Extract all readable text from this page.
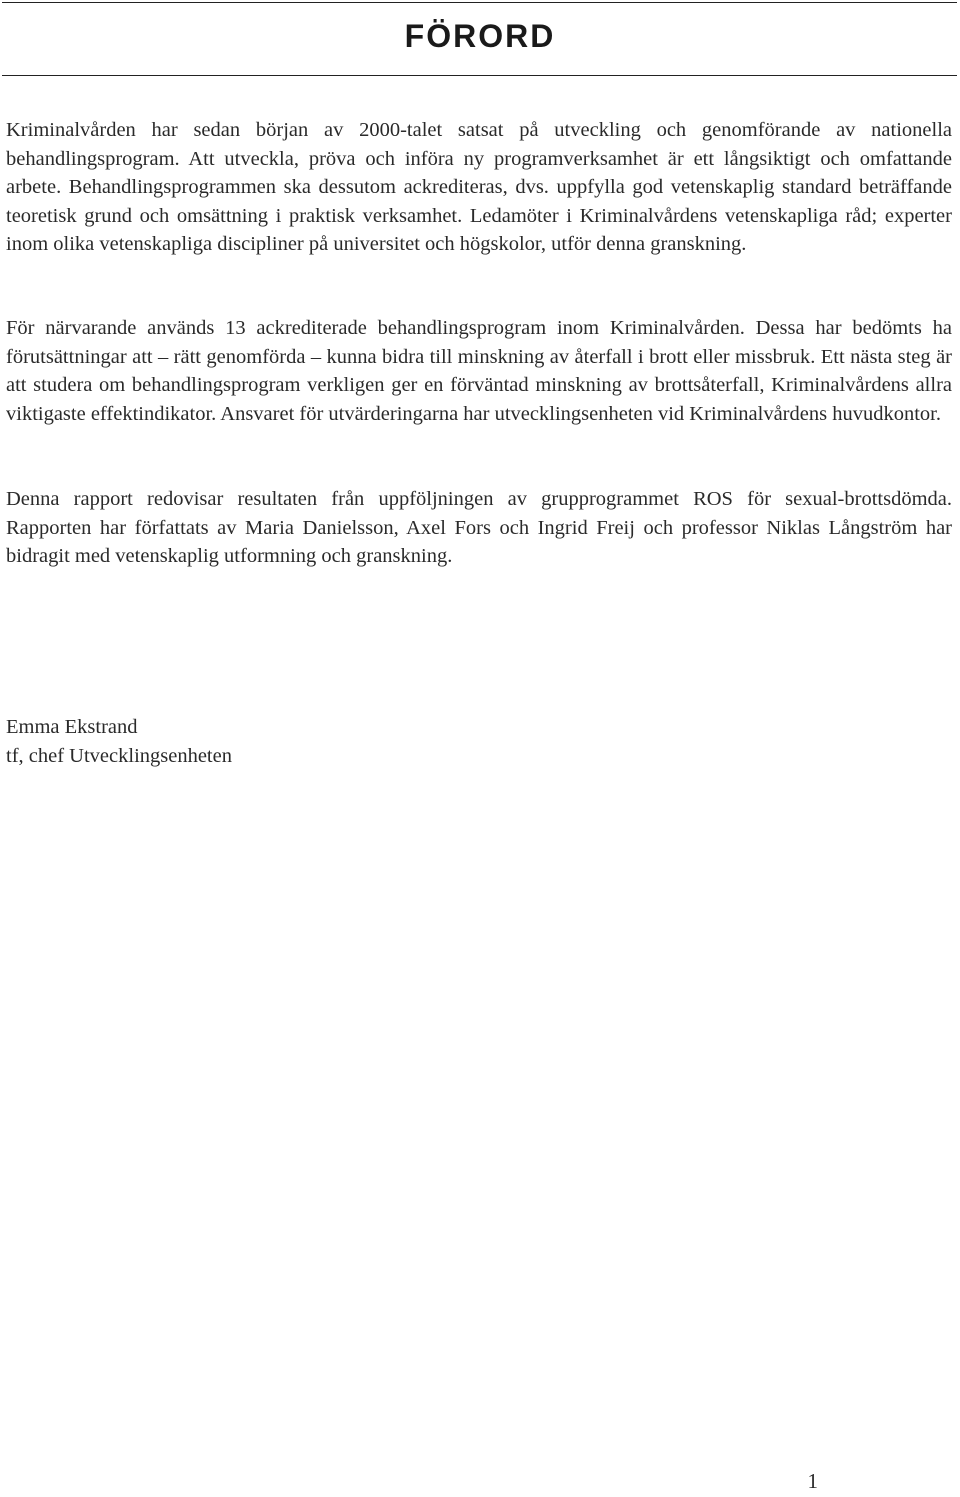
FÖRORD

Kriminalvården har sedan början av 2000-talet satsat på utveckling och genomförande av nationella behandlingsprogram. Att utveckla, pröva och införa ny programverksamhet är ett långsiktigt och omfattande arbete. Behandlingsprogrammen ska dessutom ackrediteras, dvs. uppfylla god vetenskaplig standard beträffande teoretisk grund och omsättning i praktisk verksamhet. Ledamöter i Kriminalvårdens vetenskapliga råd; experter inom olika vetenskapliga discipliner på universitet och högskolor, utför denna granskning.

För närvarande används 13 ackrediterade behandlingsprogram inom Kriminalvården. Dessa har bedömts ha förutsättningar att – rätt genomförda – kunna bidra till minskning av återfall i brott eller missbruk. Ett nästa steg är att studera om behandlingsprogram verkligen ger en förväntad minskning av brottsåterfall, Kriminalvårdens allra viktigaste effektindikator. Ansvaret för utvärderingarna har utvecklingsenheten vid Kriminalvårdens huvudkontor.

Denna rapport redovisar resultaten från uppföljningen av grupprogrammet ROS för sexual-brottsdömda. Rapporten har författats av Maria Danielsson, Axel Fors och Ingrid Freij och professor Niklas Långström har bidragit med vetenskaplig utformning och granskning.

Emma Ekstrand
tf, chef Utvecklingsenheten
1
